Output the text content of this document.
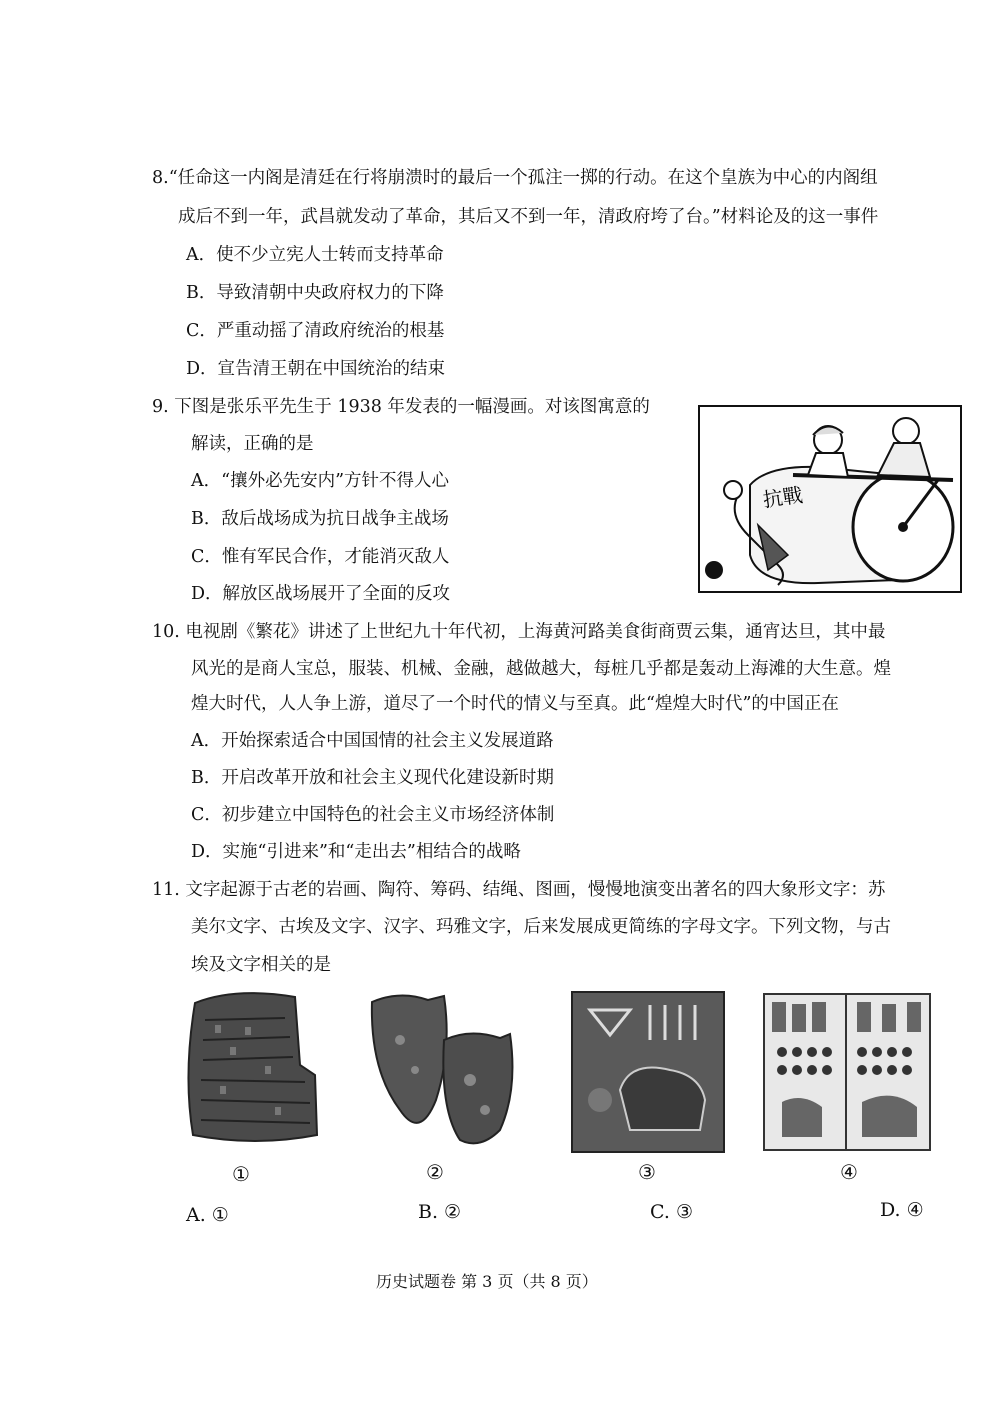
8.“任命这一内阁是清廷在行将崩溃时的最后一个孤注一掷的行动。在这个皇族为中心的内阁组
成后不到一年，武昌就发动了革命，其后又不到一年，清政府垮了台。”材料论及的这一事件
A．使不少立宪人士转而支持革命
B．导致清朝中央政府权力的下降
C．严重动摇了清政府统治的根基
D．宣告清王朝在中国统治的结束
9. 下图是张乐平先生于 1938 年发表的一幅漫画。对该图寓意的
解读，正确的是
A．“攘外必先安内”方针不得人心
B．敌后战场成为抗日战争主战场
C．惟有军民合作，才能消灭敌人
D．解放区战场展开了全面的反攻
抗戰
10. 电视剧《繁花》讲述了上世纪九十年代初，上海黄河路美食街商贾云集，通宵达旦，其中最
风光的是商人宝总，服装、机械、金融，越做越大，每桩几乎都是轰动上海滩的大生意。煌
煌大时代，人人争上游，道尽了一个时代的情义与至真。此“煌煌大时代”的中国正在
A．开始探索适合中国国情的社会主义发展道路
B．开启改革开放和社会主义现代化建设新时期
C．初步建立中国特色的社会主义市场经济体制
D．实施“引进来”和“走出去”相结合的战略
11. 文字起源于古老的岩画、陶符、筹码、结绳、图画，慢慢地演变出著名的四大象形文字：苏
美尔文字、古埃及文字、汉字、玛雅文字，后来发展成更简练的字母文字。下列文物，与古
埃及文字相关的是
①	②	③	④
A. ①	B. ②	C. ③	D. ④
历史试题卷 第 3 页（共 8 页）
